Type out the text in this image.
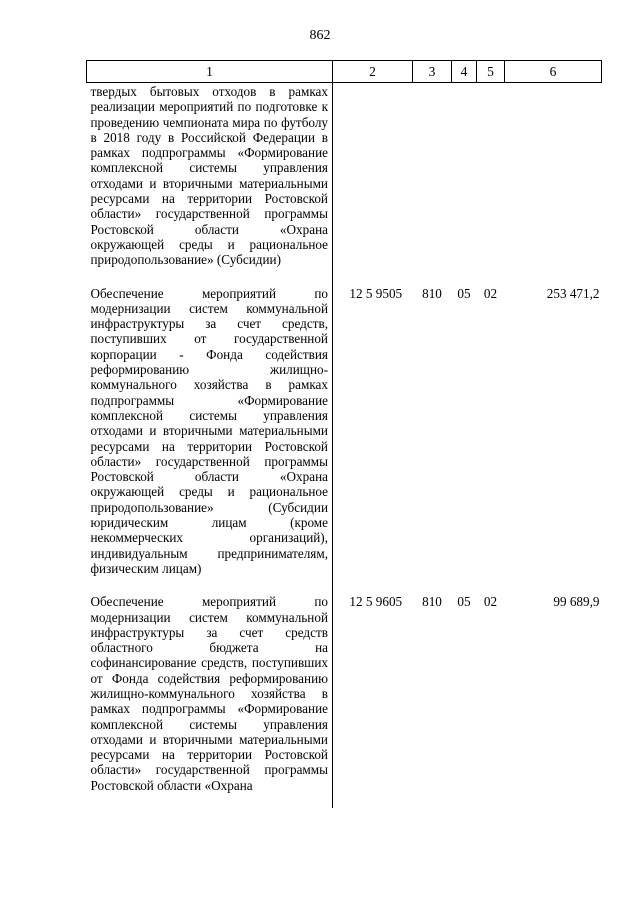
862
1	2	3	4	5	6
твердых бытовых отходов в рамках реализации мероприятий по подготовке к проведению чемпионата мира по футболу в 2018 году в Российской Федерации в рамках подпрограммы «Формирование комплексной системы управления отходами и вторичными материальными ресурсами на территории Ростовской области» государственной программы Ростовской области «Охрана окружающей среды и рациональное природопользование» (Субсидии)					
Обеспечение мероприятий по модернизации систем коммунальной инфраструктуры за счет средств, поступивших от государственной корпорации - Фонда содействия реформированию жилищно-коммунального хозяйства в рамках подпрограммы «Формирование комплексной системы управления отходами и вторичными материальными ресурсами на территории Ростовской области» государственной программы Ростовской области «Охрана окружающей среды и рациональное природопользование» (Субсидии юридическим лицам (кроме некоммерческих организаций), индивидуальным предпринимателям, физическим лицам)	12 5 9505	810	05	02	253 471,2
Обеспечение мероприятий по модернизации систем коммунальной инфраструктуры за счет средств областного бюджета на софинансирование средств, поступивших от Фонда содействия реформированию жилищно-коммунального хозяйства в рамках подпрограммы «Формирование комплексной системы управления отходами и вторичными материальными ресурсами на территории Ростовской области» государственной программы Ростовской области «Охрана	12 5 9605	810	05	02	99 689,9
